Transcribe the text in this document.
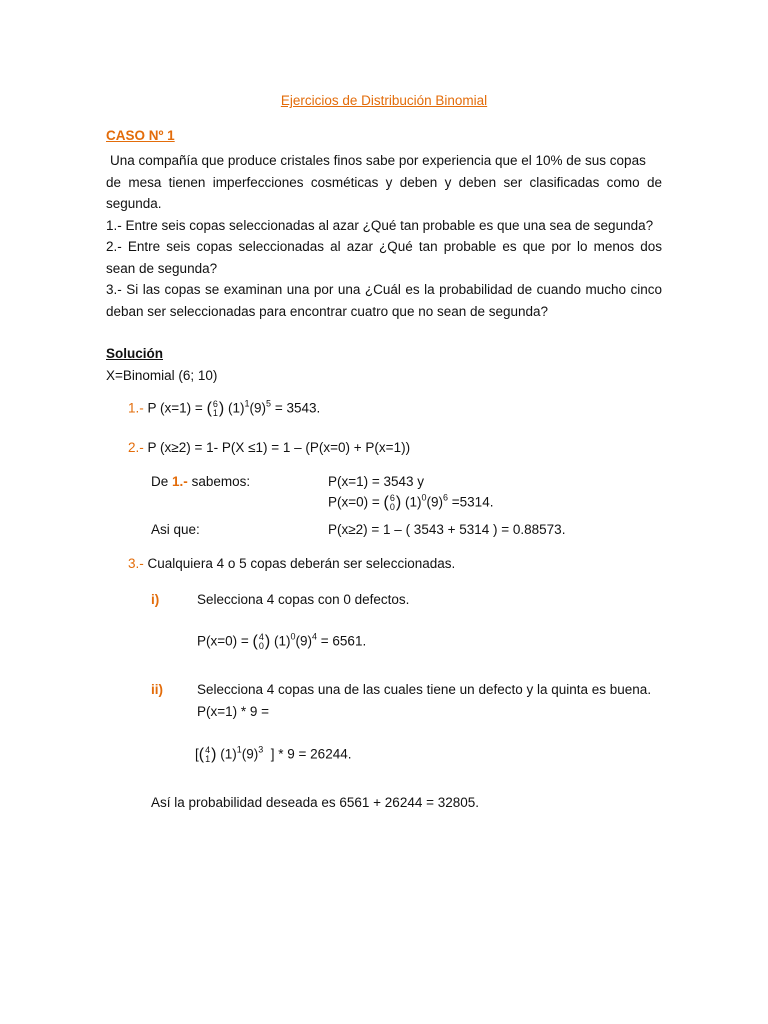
Ejercicios de Distribución Binomial
CASO Nº 1
Una compañía que produce cristales finos sabe por experiencia que el 10% de sus copas
de mesa tienen imperfecciones cosméticas y deben y deben ser clasificadas como de
segunda.
1.- Entre seis copas seleccionadas al azar ¿Qué tan probable es que una sea de segunda?
2.- Entre seis copas seleccionadas al azar ¿Qué tan probable es que por lo menos dos
sean de segunda?
3.- Si las copas se examinan una por una ¿Cuál es la probabilidad de cuando mucho cinco
deban ser seleccionadas para encontrar cuatro que no sean de segunda?
Solución
X=Binomial (6; 10)
1.- P (x=1) = ( 6
1 ) $(1)^1(9)^5 = 3543$.
2.- P (x≥2) = 1- P(X ≤1) = 1 – (P(x=0) + P(x=1))
De 1.- sabemos:	P(x=1) = 3543 y
P(x=0) = ( 6
0 ) $(1)^0(9)^6 =5314$.
Asi que:	P(x≥2) = 1 – ( 3543 + 5314 ) = 0.88573.
3.- Cualquiera 4 o 5 copas deberán ser seleccionadas.
i)	Selecciona 4 copas con 0 defectos.
P(x=0) = ( 4
0 ) $(1)^0(9)^4 = 6561$.
ii)	Selecciona 4 copas una de las cuales tiene un defecto y la quinta es buena.
P(x=1) * 9 =
[( 4
1 ) $(1)^1(9)^3$ ] * 9 = 26244.
Así la probabilidad deseada es 6561 + 26244 = 32805.
